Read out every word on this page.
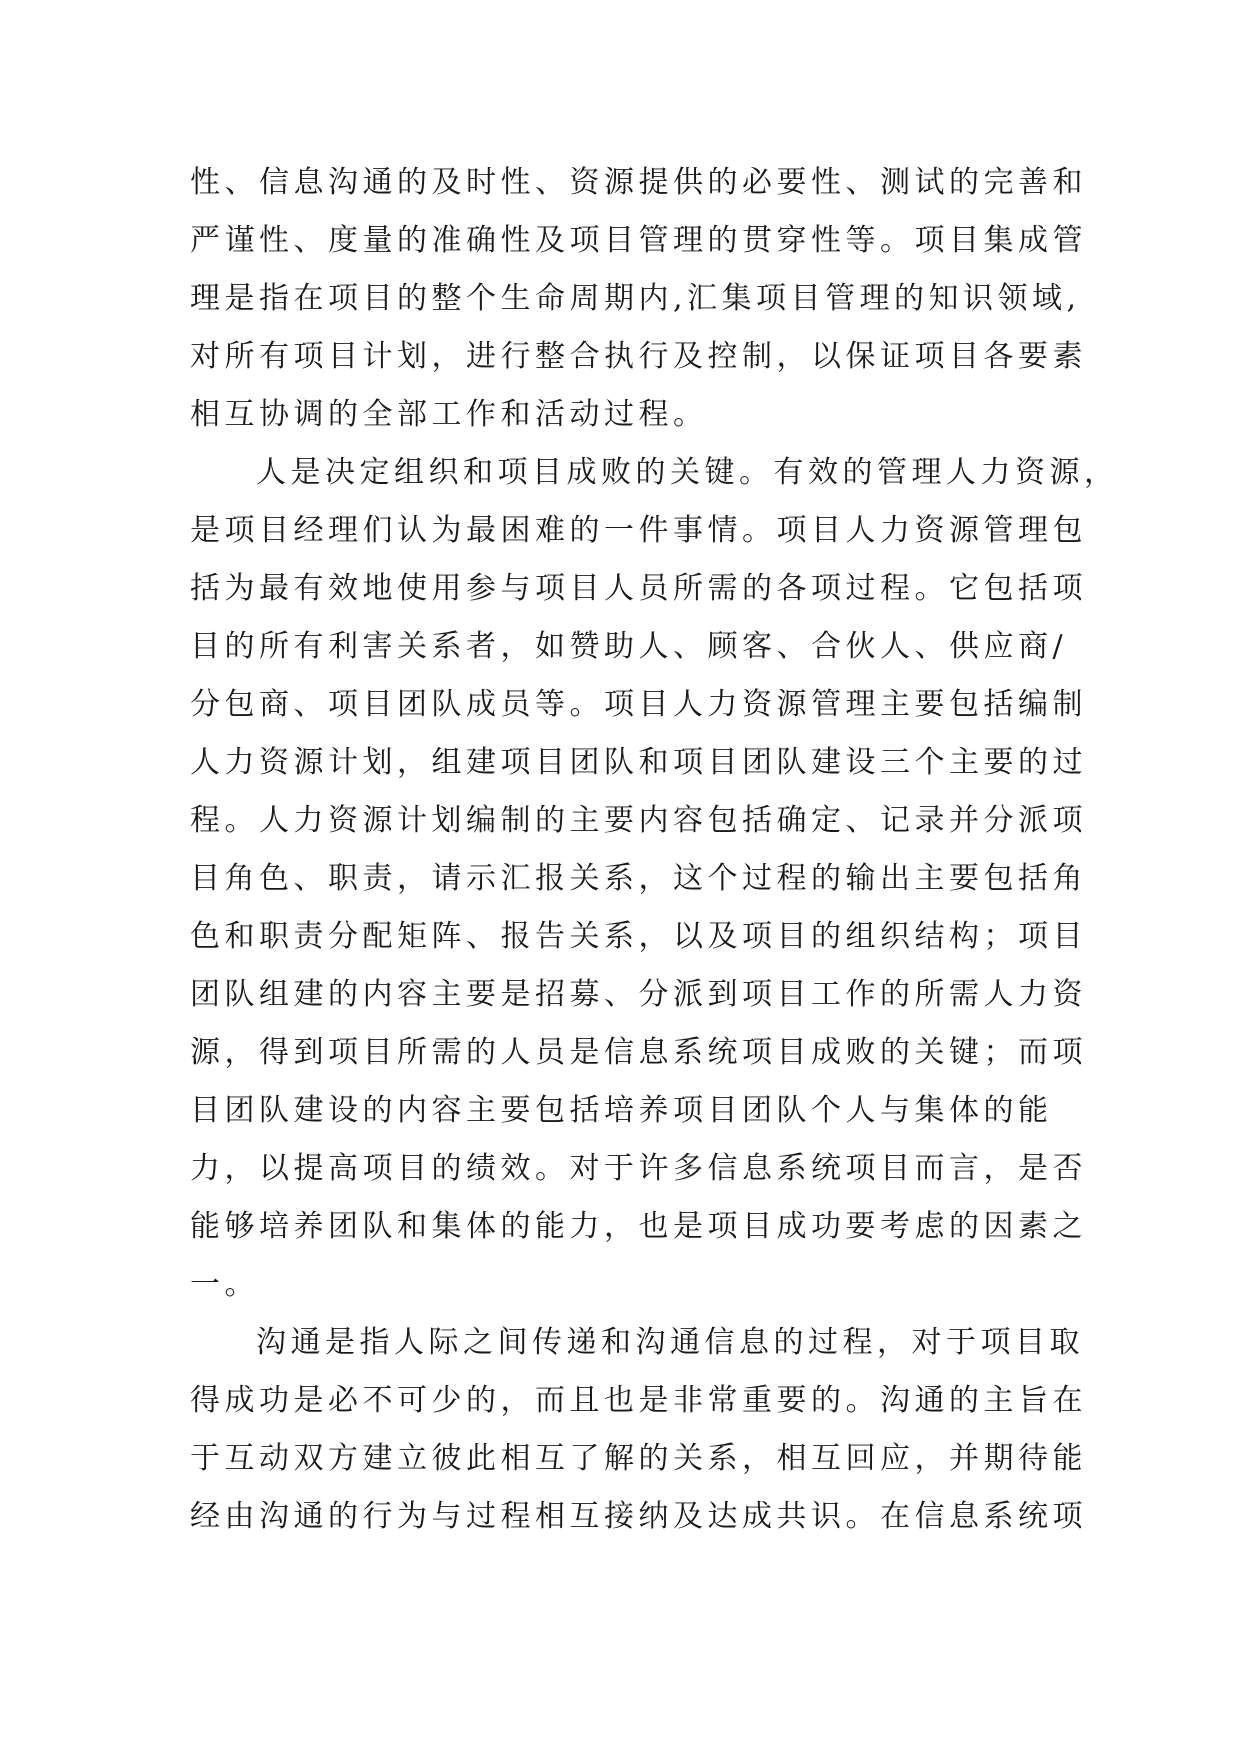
性、信息沟通的及时性、资源提供的必要性、测试的完善和
严谨性、度量的准确性及项目管理的贯穿性等。项目集成管
理是指在项目的整个生命周期内,汇集项目管理的知识领域,
对所有项目计划，进行整合执行及控制，以保证项目各要素
相互协调的全部工作和活动过程。
人是决定组织和项目成败的关键。有效的管理人力资源，
是项目经理们认为最困难的一件事情。项目人力资源管理包
括为最有效地使用参与项目人员所需的各项过程。它包括项
目的所有利害关系者，如赞助人、顾客、合伙人、供应商/
分包商、项目团队成员等。项目人力资源管理主要包括编制
人力资源计划，组建项目团队和项目团队建设三个主要的过
程。人力资源计划编制的主要内容包括确定、记录并分派项
目角色、职责，请示汇报关系，这个过程的输出主要包括角
色和职责分配矩阵、报告关系，以及项目的组织结构；项目
团队组建的内容主要是招募、分派到项目工作的所需人力资
源，得到项目所需的人员是信息系统项目成败的关键；而项
目团队建设的内容主要包括培养项目团队个人与集体的能
力，以提高项目的绩效。对于许多信息系统项目而言，是否
能够培养团队和集体的能力，也是项目成功要考虑的因素之
一。
沟通是指人际之间传递和沟通信息的过程，对于项目取
得成功是必不可少的，而且也是非常重要的。沟通的主旨在
于互动双方建立彼此相互了解的关系，相互回应，并期待能
经由沟通的行为与过程相互接纳及达成共识。在信息系统项
